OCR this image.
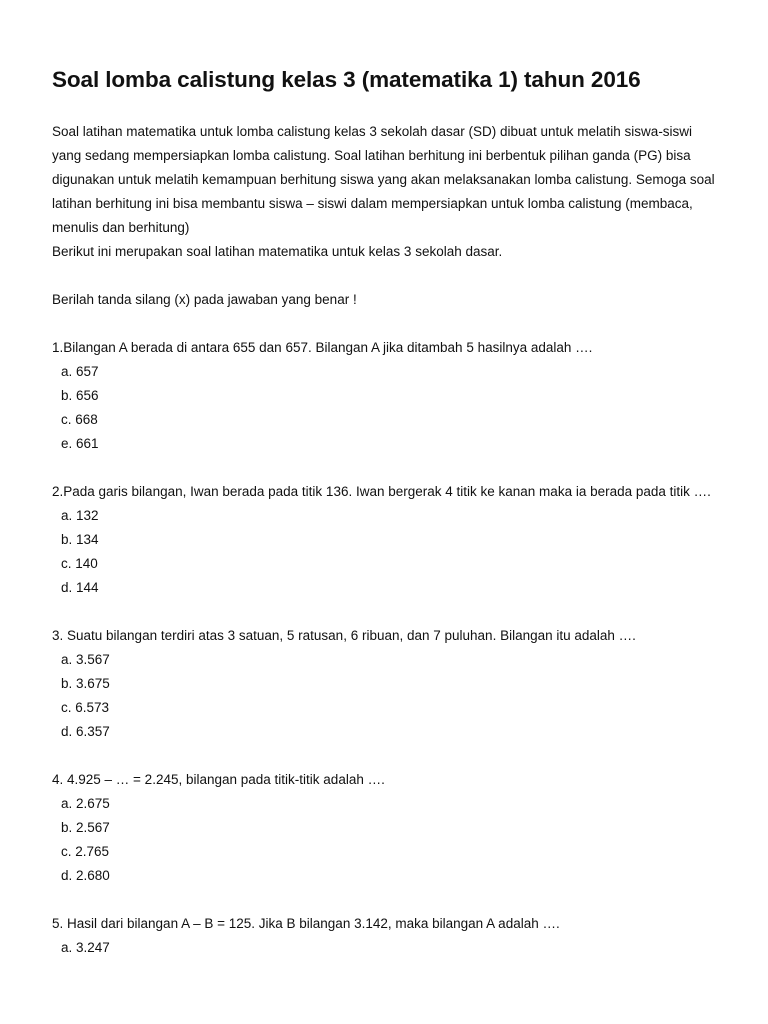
Soal lomba calistung kelas 3 (matematika 1) tahun 2016

Soal latihan matematika untuk lomba calistung kelas 3 sekolah dasar (SD) dibuat untuk melatih siswa-siswi yang sedang mempersiapkan lomba calistung. Soal latihan berhitung ini berbentuk pilihan ganda (PG) bisa digunakan untuk melatih kemampuan berhitung siswa yang akan melaksanakan lomba calistung. Semoga soal latihan berhitung ini bisa membantu siswa – siswi dalam mempersiapkan untuk lomba calistung (membaca, menulis dan berhitung)

Berikut ini merupakan soal latihan matematika untuk kelas 3 sekolah dasar.

Berilah tanda silang (x) pada jawaban yang benar !

1.Bilangan A berada di antara 655 dan 657. Bilangan A jika ditambah 5 hasilnya adalah ….

a. 657

b. 656

c. 668

e. 661

2.Pada garis bilangan, Iwan berada pada titik 136. Iwan bergerak 4 titik ke kanan maka ia berada pada titik ….

a. 132

b. 134

c. 140

d. 144

3. Suatu bilangan terdiri atas 3 satuan, 5 ratusan, 6 ribuan, dan 7 puluhan. Bilangan itu adalah ….

a. 3.567

b. 3.675

c. 6.573

d. 6.357

4. 4.925 – … = 2.245, bilangan pada titik-titik adalah ….

a. 2.675

b. 2.567

c. 2.765

d. 2.680

5. Hasil dari bilangan A – B = 125. Jika B bilangan 3.142, maka bilangan A adalah ….

a. 3.247
